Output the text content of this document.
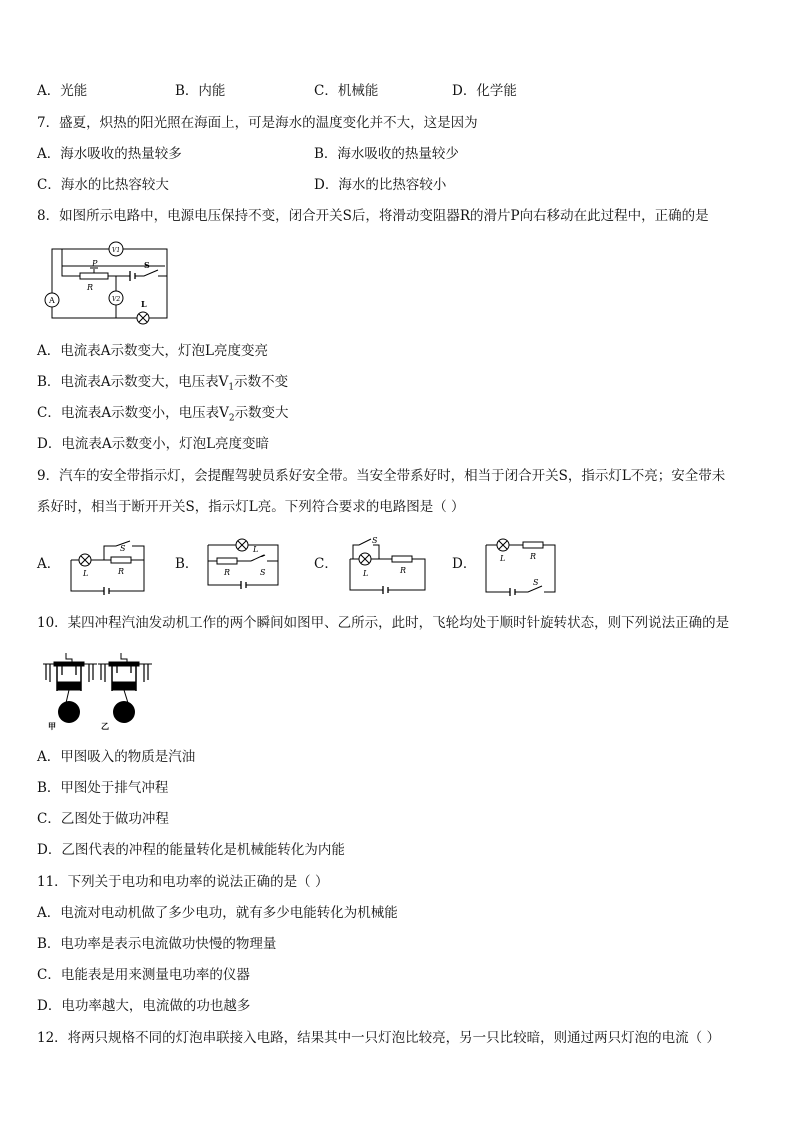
A．光能	B．内能	C．机械能	D．化学能
7．盛夏，炽热的阳光照在海面上，可是海水的温度变化并不大，这是因为
A．海水吸收的热量较多	B．海水吸收的热量较少
C．海水的比热容较大	D．海水的比热容较小
8．如图所示电路中，电源电压保持不变，闭合开关S后，将滑动变阻器R的滑片P向右移动在此过程中，正确的是
V1
V2
A
P
R
S
L
A．电流表A示数变大，灯泡L亮度变亮
B．电流表A示数变大，电压表$V_1$示数不变
C．电流表A示数变小，电压表$V_2$示数变大
D．电流表A示数变小，灯泡L亮度变暗
9．汽车的安全带指示灯，会提醒驾驶员系好安全带。当安全带系好时，相当于闭合开关S，指示灯L不亮；安全带未
系好时，相当于断开开关S，指示灯L亮。下列符合要求的电路图是（ ）
A．	B．	C．	D．
L	R
S	L
R	S	L	R
S
L	R
S
10．某四冲程汽油发动机工作的两个瞬间如图甲、乙所示，此时，飞轮均处于顺时针旋转状态，则下列说法正确的是
甲	乙
A．甲图吸入的物质是汽油
B．甲图处于排气冲程
C．乙图处于做功冲程
D．乙图代表的冲程的能量转化是机械能转化为内能
11．下列关于电功和电功率的说法正确的是（ ）
A．电流对电动机做了多少电功，就有多少电能转化为机械能
B．电功率是表示电流做功快慢的物理量
C．电能表是用来测量电功率的仪器
D．电功率越大，电流做的功也越多
12．将两只规格不同的灯泡串联接入电路，结果其中一只灯泡比较亮，另一只比较暗，则通过两只灯泡的电流（ ）
